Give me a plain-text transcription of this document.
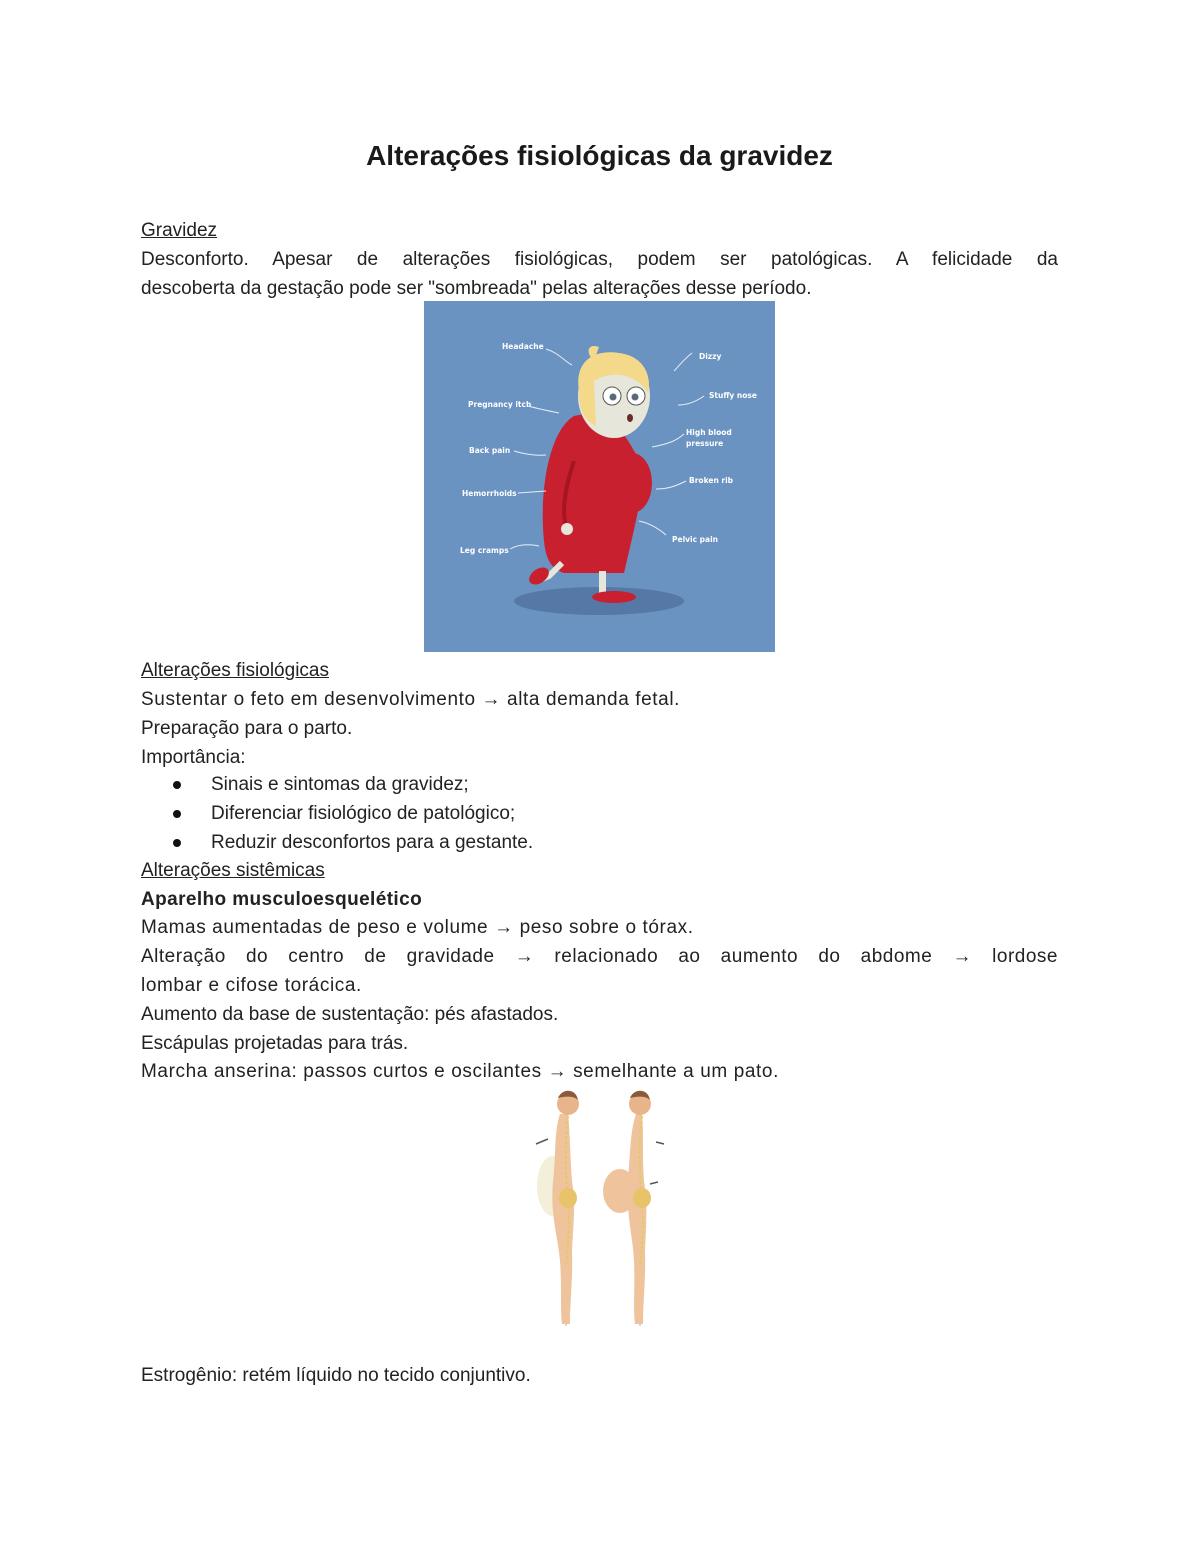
Alterações fisiológicas da gravidez

Gravidez

Desconforto. Apesar de alterações fisiológicas, podem ser patológicas. A felicidade da

descoberta da gestação pode ser "sombreada" pelas alterações desse período.

Alterações fisiológicas

Sustentar o feto em desenvolvimento → alta demanda fetal.

Preparação para o parto.

Importância:

Alterações sistêmicas

Aparelho musculoesquelético

Mamas aumentadas de peso e volume → peso sobre o tórax.

Alteração do centro de gravidade → relacionado ao aumento do abdome → lordose

lombar e cifose torácica.

Aumento da base de sustentação: pés afastados.

Escápulas projetadas para trás.

Marcha anserina: passos curtos e oscilantes → semelhante a um pato.

Estrogênio: retém líquido no tecido conjuntivo.

Sinais e sintomas da gravidez;
Diferenciar fisiológico de patológico;
Reduzir desconfortos para a gestante.
Headache
Pregnancy itch
Back pain
Hemorrhoids
Leg cramps
Dizzy
Stuffy nose
High blood
pressure
Broken rib
Pelvic pain
